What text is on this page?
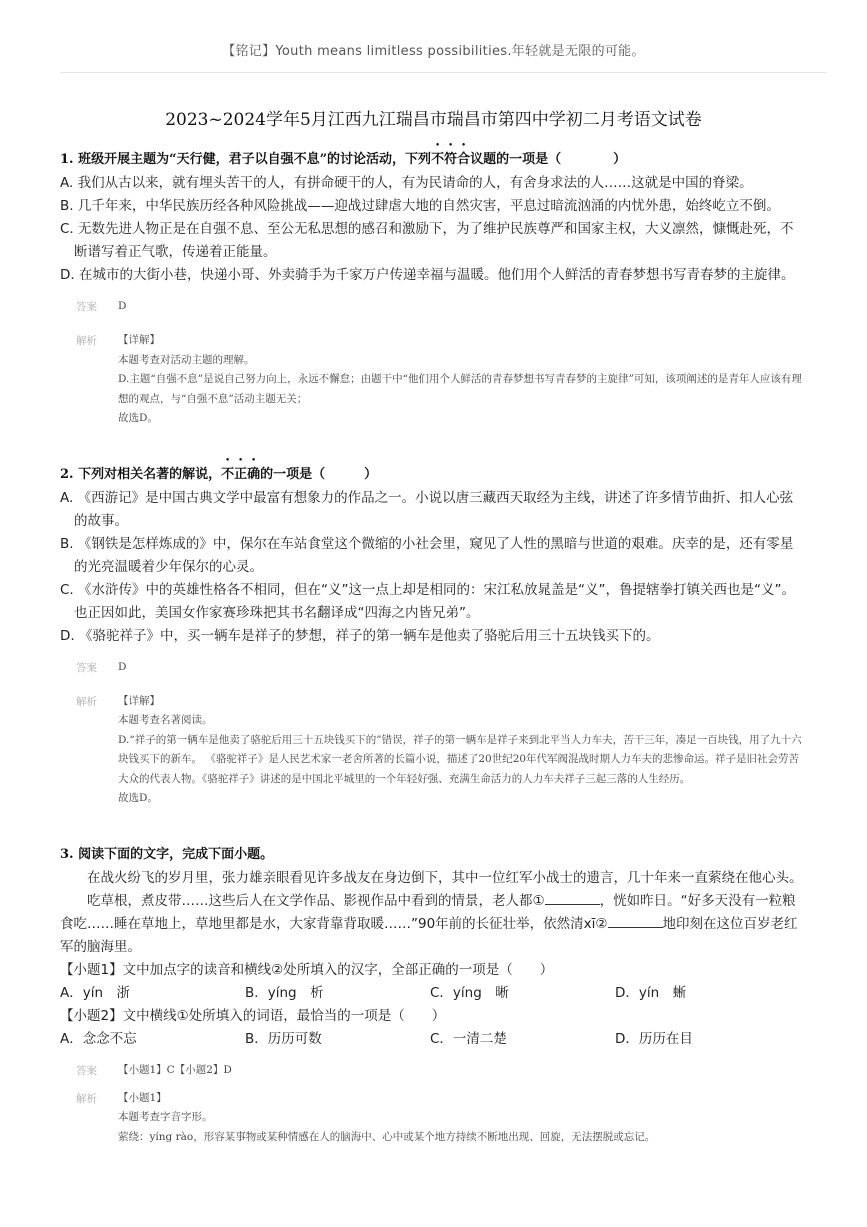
【铭记】Youth means limitless possibilities.年轻就是无限的可能。
2023~2024学年5月江西九江瑞昌市瑞昌市第四中学初二月考语文试卷
1. 班级开展主题为“天行健，君子以自强不息”的讨论活动，下列不符合议题的一项是（　　　　）
A. 我们从古以来，就有埋头苦干的人，有拼命硬干的人，有为民请命的人，有舍身求法的人……这就是中国的脊梁。
B. 几千年来，中华民族历经各种风险挑战——迎战过肆虐大地的自然灾害，平息过暗流汹涌的内忧外患，始终屹立不倒。
C. 无数先进人物正是在自强不息、至公无私思想的感召和激励下，为了维护民族尊严和国家主权，大义凛然，慷慨赴死，不断谱写着正气歌，传递着正能量。
D. 在城市的大街小巷，快递小哥、外卖骑手为千家万户传递幸福与温暖。他们用个人鲜活的青春梦想书写青春梦的主旋律。
答案	D
解析	【详解】
本题考查对活动主题的理解。
D.主题“自强不息”是说自己努力向上，永远不懈怠；由题干中“他们用个人鲜活的青春梦想书写青春梦的主旋律”可知，该项阐述的是青年人应该有理想的观点，与“自强不息”活动主题无关；
故选D。
2. 下列对相关名著的解说，不正确的一项是（　　　）
A. 《西游记》是中国古典文学中最富有想象力的作品之一。小说以唐三藏西天取经为主线，讲述了许多情节曲折、扣人心弦的故事。
B. 《钢铁是怎样炼成的》中，保尔在车站食堂这个微缩的小社会里，窥见了人性的黑暗与世道的艰难。庆幸的是，还有零星的光亮温暖着少年保尔的心灵。
C. 《水浒传》中的英雄性格各不相同，但在“义”这一点上却是相同的：宋江私放晁盖是“义”，鲁提辖拳打镇关西也是“义”。也正因如此，美国女作家赛珍珠把其书名翻译成“四海之内皆兄弟”。
D. 《骆驼祥子》中，买一辆车是祥子的梦想，祥子的第一辆车是他卖了骆驼后用三十五块钱买下的。
答案	D
解析	【详解】
本题考查名著阅读。
D.“祥子的第一辆车是他卖了骆驼后用三十五块钱买下的”错误，祥子的第一辆车是祥子来到北平当人力车夫，苦干三年，凑足一百块钱，用了九十六块钱买下的新车。 《骆驼祥子》是人民艺术家一老舍所著的长篇小说，描述了20世纪20年代军阀混战时期人力车夫的悲惨命运。祥子是旧社会劳苦大众的代表人物。《骆驼祥子》讲述的是中国北平城里的一个年轻好强、充满生命活力的人力车夫祥子三起三落的人生经历。
故选D。
3. 阅读下面的文字，完成下面小题。
在战火纷飞的岁月里，张力雄亲眼看见许多战友在身边倒下，其中一位红军小战士的遗言，几十年来一直萦绕在他心头。
吃草根，煮皮带……这些后人在文学作品、影视作品中看到的情景，老人都①	，恍如昨日。“好多天没有一粒粮食吃……睡在草地上，草地里都是水，大家背靠背取暖……”90年前的长征壮举，依然清xī②	地印刻在这位百岁老红军的脑海里。
【小题1】文中加点字的读音和横线②处所填入的汉字，全部正确的一项是（　　）
A．yín　浙	B．yíng　析	C．yíng　晰	D．yín　蜥
【小题2】文中横线①处所填入的词语，最恰当的一项是（　　）
A．念念不忘	B．历历可数	C．一清二楚	D．历历在目
答案	【小题1】C【小题2】D
解析	【小题1】
本题考查字音字形。
萦绕：yíng rào，形容某事物或某种情感在人的脑海中、心中或某个地方持续不断地出现、回旋，无法摆脱或忘记。
